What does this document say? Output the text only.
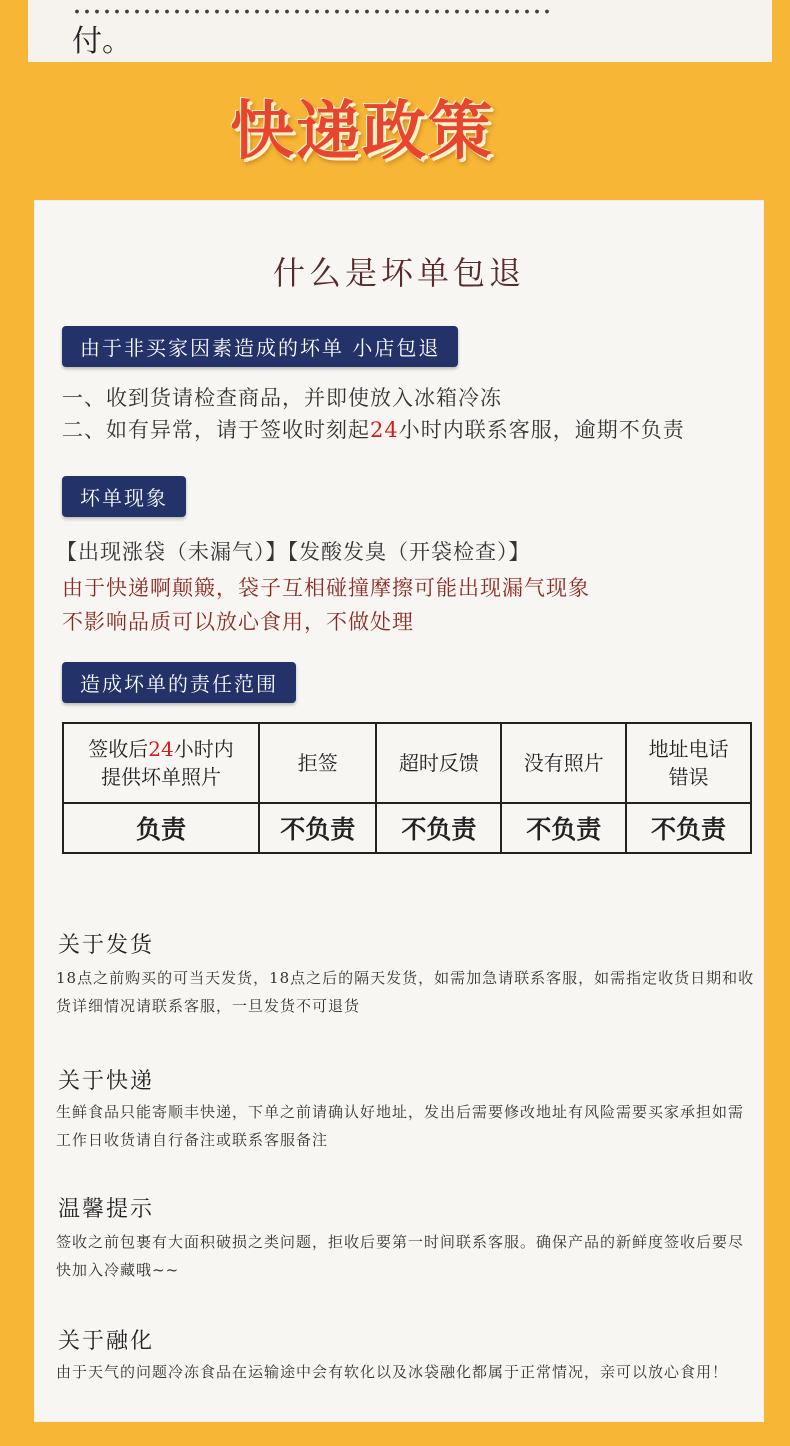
…………………………………………
付。
快递政策
什么是坏单包退
由于非买家因素造成的坏单 小店包退
一、收到货请检查商品，并即使放入冰箱冷冻
二、如有异常，请于签收时刻起24小时内联系客服，逾期不负责
坏单现象
【出现涨袋（未漏气）】【发酸发臭（开袋检查）】
由于快递啊颠簸，袋子互相碰撞摩擦可能出现漏气现象
不影响品质可以放心食用，不做处理
造成坏单的责任范围
签收后24小时内
提供坏单照片	拒签	超时反馈	没有照片	地址电话
错误
负责	不负责	不负责	不负责	不负责
关于发货
18点之前购买的可当天发货，18点之后的隔天发货，如需加急请联系客服，如需指定收货日期和收货详细情况请联系客服，一旦发货不可退货
关于快递
生鲜食品只能寄顺丰快递，下单之前请确认好地址，发出后需要修改地址有风险需要买家承担如需工作日收货请自行备注或联系客服备注
温馨提示
签收之前包裹有大面积破损之类问题，拒收后要第一时间联系客服。确保产品的新鲜度签收后要尽快加入冷藏哦~~
关于融化
由于天气的问题冷冻食品在运输途中会有软化以及冰袋融化都属于正常情况，亲可以放心食用！
